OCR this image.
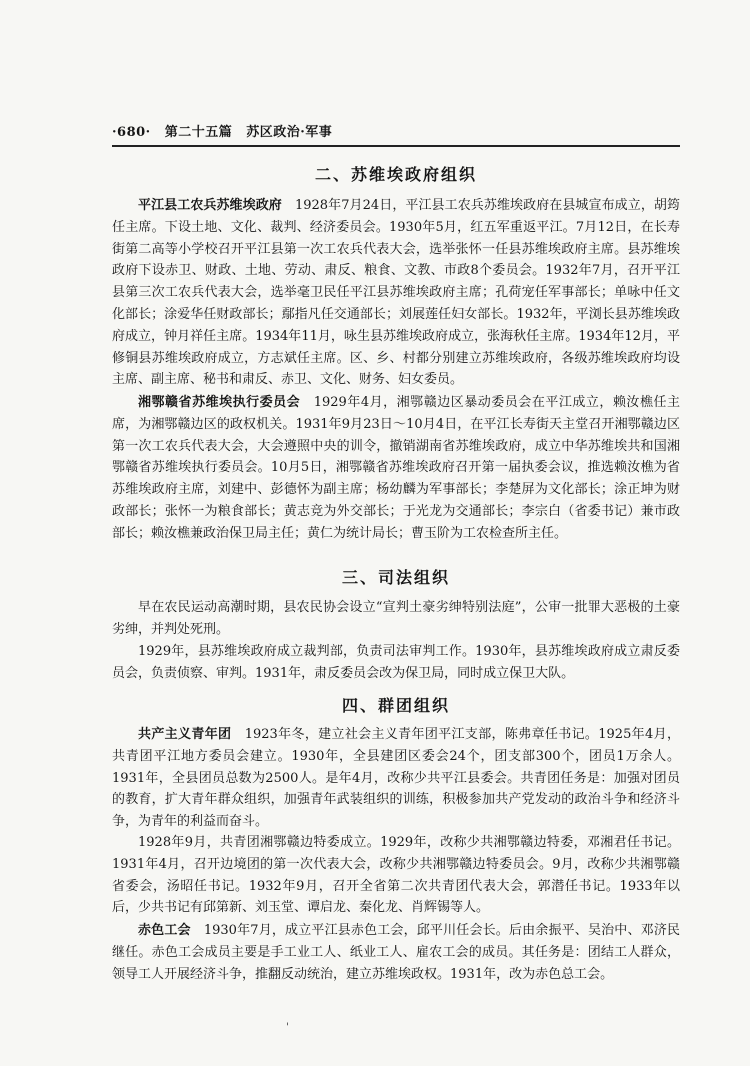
·680· 第二十五篇 苏区政治·军事
二、苏维埃政府组织

平江县工农兵苏维埃政府　1928年7月24日，平江县工农兵苏维埃政府在县城宣布成立，胡筠任主席。下设土地、文化、裁判、经济委员会。1930年5月，红五军重返平江。7月12日，在长寿街第二高等小学校召开平江县第一次工农兵代表大会，选举张怀一任县苏维埃政府主席。县苏维埃政府下设赤卫、财政、土地、劳动、肃反、粮食、文教、市政8个委员会。1932年7月，召开平江县第三次工农兵代表大会，选举毫卫民任平江县苏维埃政府主席；孔荷宠任军事部长；单咏中任文化部长；涂爱华任财政部长；鄢指凡任交通部长；刘展莲任妇女部长。1932年，平浏长县苏维埃政府成立，钟月祥任主席。1934年11月，咏生县苏维埃政府成立，张海秋任主席。1934年12月，平修铜县苏维埃政府成立，方志斌任主席。区、乡、村都分别建立苏维埃政府，各级苏维埃政府均设主席、副主席、秘书和肃反、赤卫、文化、财务、妇女委员。

湘鄂赣省苏维埃执行委员会　1929年4月，湘鄂赣边区暴动委员会在平江成立，赖汝樵任主席，为湘鄂赣边区的政权机关。1931年9月23日～10月4日，在平江长寿街天主堂召开湘鄂赣边区第一次工农兵代表大会，大会遵照中央的训令，撤销湖南省苏维埃政府，成立中华苏维埃共和国湘鄂赣省苏维埃执行委员会。10月5日，湘鄂赣省苏维埃政府召开第一届执委会议，推选赖汝樵为省苏维埃政府主席，刘建中、彭德怀为副主席；杨幼麟为军事部长；李楚屏为文化部长；涂正坤为财政部长；张怀一为粮食部长；黄志竞为外交部长；于光龙为交通部长；李宗白（省委书记）兼市政部长；赖汝樵兼政治保卫局主任；黄仁为统计局长；曹玉阶为工农检查所主任。

三、司法组织

早在农民运动高潮时期，县农民协会设立“宣判土豪劣绅特别法庭”，公审一批罪大恶极的土豪劣绅，并判处死刑。

1929年，县苏维埃政府成立裁判部，负责司法审判工作。1930年，县苏维埃政府成立肃反委员会，负责侦察、审判。1931年，肃反委员会改为保卫局，同时成立保卫大队。

四、群团组织

共产主义青年团　1923年冬，建立社会主义青年团平江支部，陈弗章任书记。1925年4月，共青团平江地方委员会建立。1930年，全县建团区委会24个，团支部300个，团员1万余人。1931年，全县团员总数为2500人。是年4月，改称少共平江县委会。共青团任务是：加强对团员的教育，扩大青年群众组织，加强青年武装组织的训练，积极参加共产党发动的政治斗争和经济斗争，为青年的利益而奋斗。

1928年9月，共青团湘鄂赣边特委成立。1929年，改称少共湘鄂赣边特委，邓湘君任书记。1931年4月，召开边境团的第一次代表大会，改称少共湘鄂赣边特委员会。9月，改称少共湘鄂赣省委会，汤昭任书记。1932年9月，召开全省第二次共青团代表大会，郭潜任书记。1933年以后，少共书记有邱第新、刘玉堂、谭启龙、秦化龙、肖辉锡等人。

赤色工会　1930年7月，成立平江县赤色工会，邱平川任会长。后由余振平、吴治中、邓济民继任。赤色工会成员主要是手工业工人、纸业工人、雇农工会的成员。其任务是：团结工人群众，领导工人开展经济斗争，推翻反动统治，建立苏维埃政权。1931年，改为赤色总工会。

'
